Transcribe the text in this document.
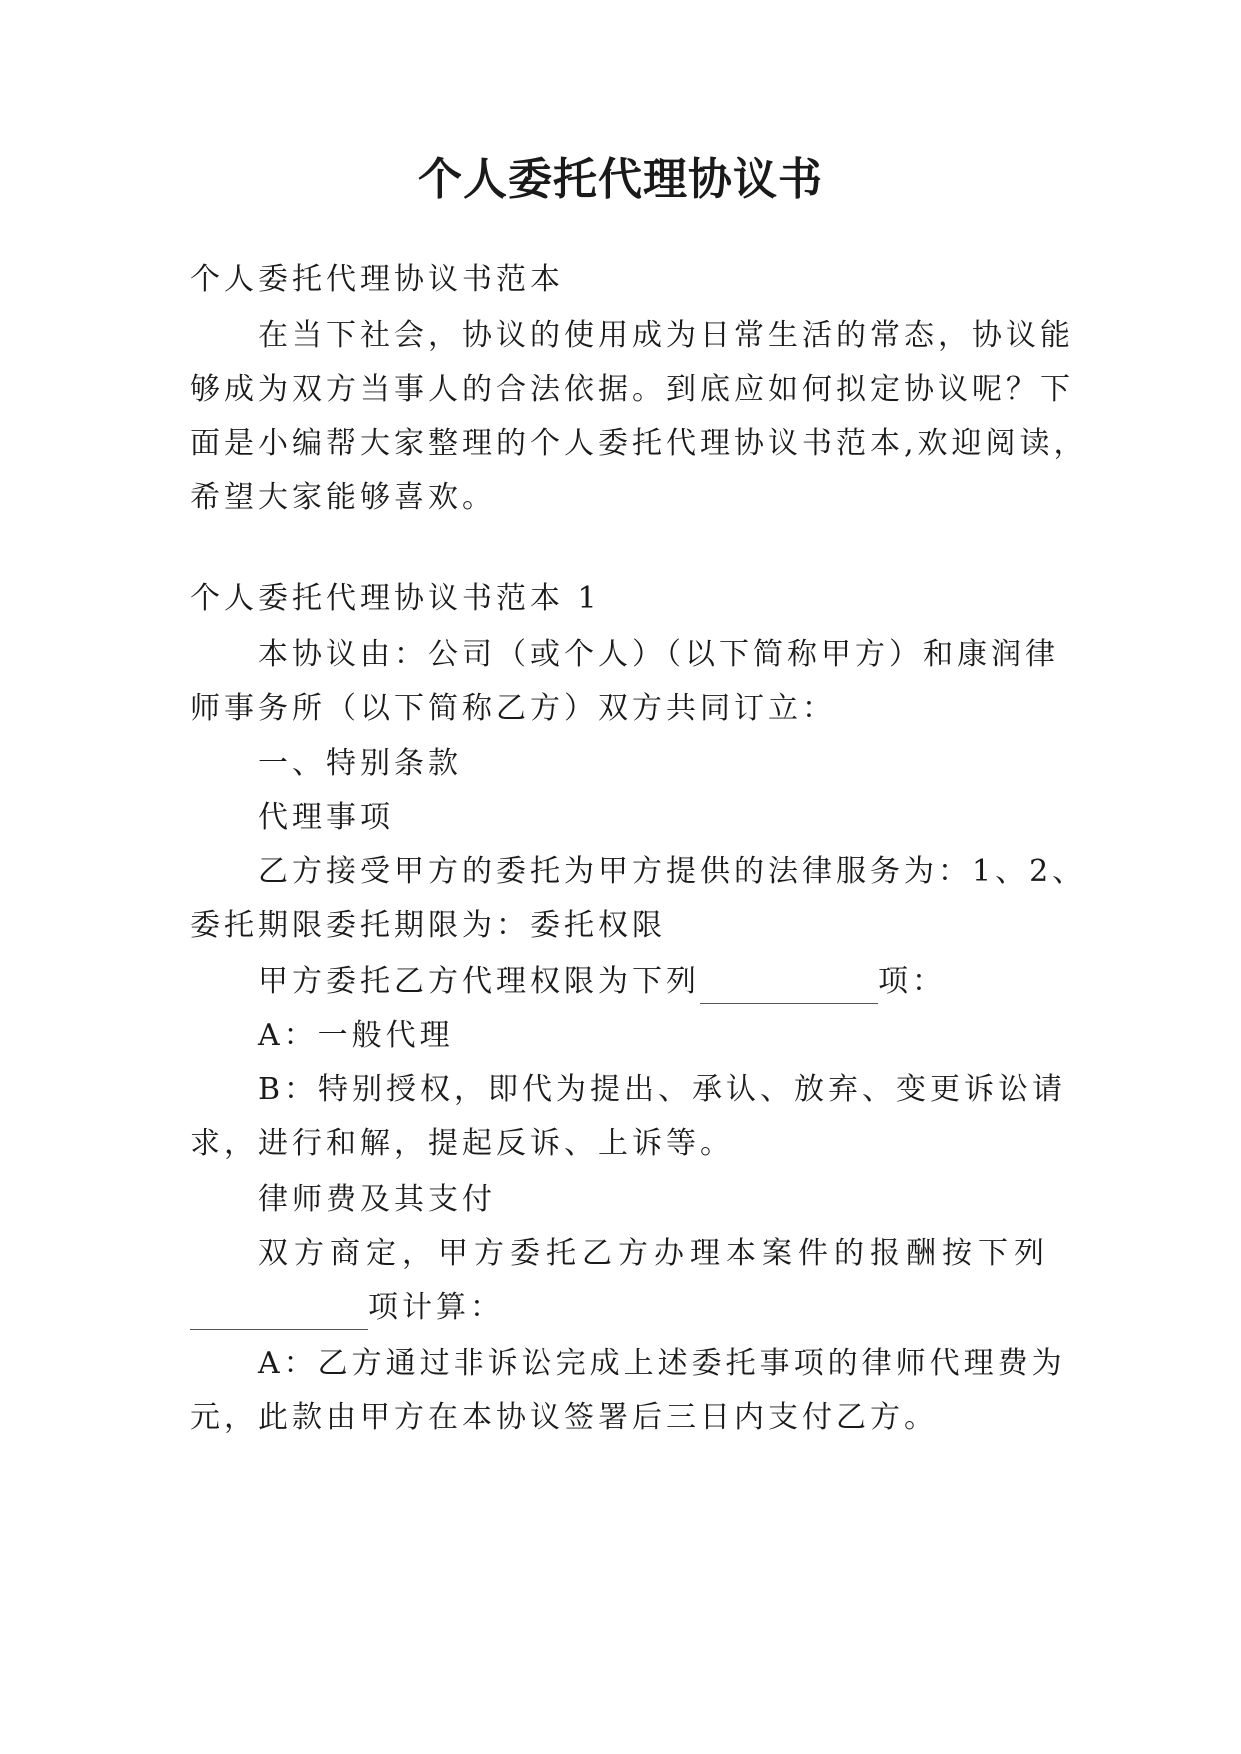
个人委托代理协议书
个人委托代理协议书范本
在当下社会，协议的使用成为日常生活的常态，协议能
够成为双方当事人的合法依据。到底应如何拟定协议呢？下
面是小编帮大家整理的个人委托代理协议书范本,欢迎阅读，
希望大家能够喜欢。
个人委托代理协议书范本 1
本协议由：公司（或个人）（以下简称甲方）和康润律
师事务所（以下简称乙方）双方共同订立：
一、特别条款
代理事项
乙方接受甲方的委托为甲方提供的法律服务为：1、2、
委托期限委托期限为：委托权限
甲方委托乙方代理权限为下列	项：
A：一般代理
B：特别授权，即代为提出、承认、放弃、变更诉讼请
求，进行和解，提起反诉、上诉等。
律师费及其支付
双方商定，甲方委托乙方办理本案件的报酬按下列
项计算：
A：乙方通过非诉讼完成上述委托事项的律师代理费为
元，此款由甲方在本协议签署后三日内支付乙方。
